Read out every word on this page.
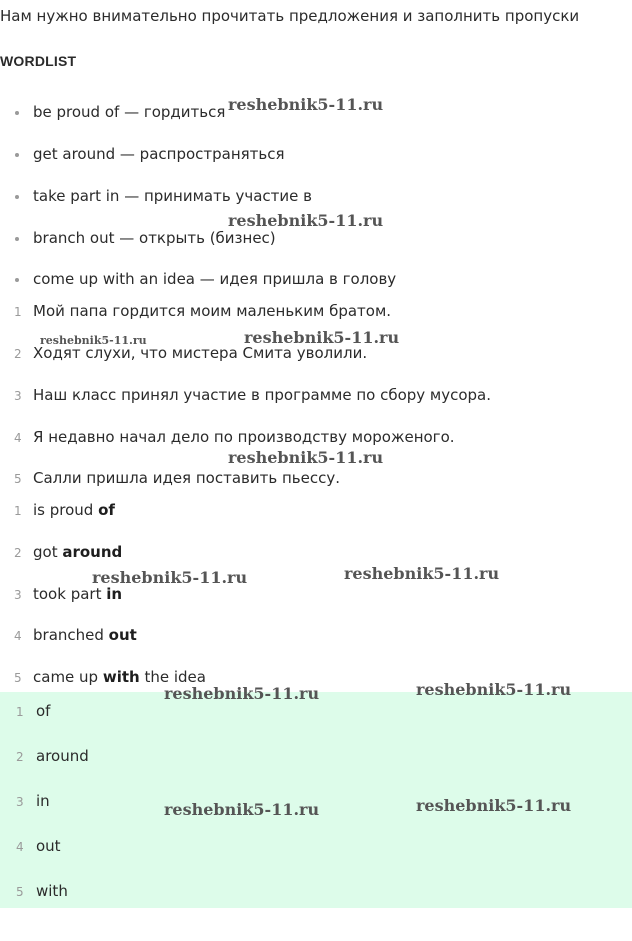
Нам нужно внимательно прочитать предложения и заполнить пропуски
WORDLIST
be proud of — гордиться
get around — распространяться
take part in — принимать участие в
branch out — открыть (бизнес)
come up with an idea — идея пришла в голову
1 Мой папа гордится моим маленьким братом.
2 Ходят слухи, что мистера Смита уволили.
3 Наш класс принял участие в программе по сбору мусора.
4 Я недавно начал дело по производству мороженого.
5 Салли пришла идея поставить пьессу.
1 is proud of
2 got around
3 took part in
4 branched out
5 came up with the idea
1 of
2 around
3 in
4 out
5 with
reshebnik5-11.ru
reshebnik5-11.ru
reshebnik5-11.ru	reshebnik5-11.ru
reshebnik5-11.ru
reshebnik5-11.ru	reshebnik5-11.ru
reshebnik5-11.ru	reshebnik5-11.ru
reshebnik5-11.ru	reshebnik5-11.ru
